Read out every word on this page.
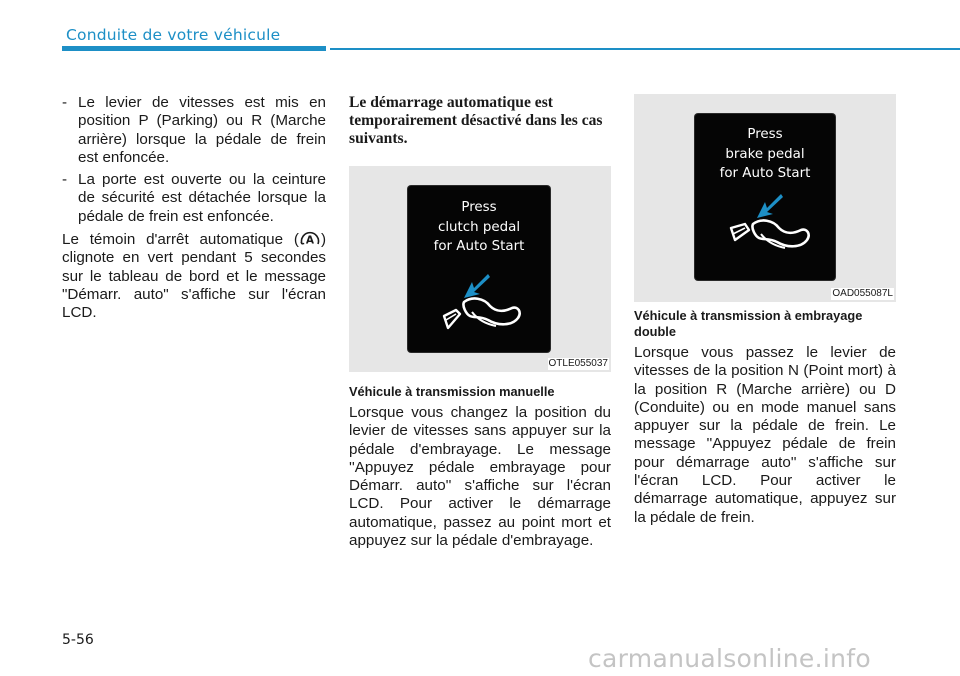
Conduite de votre véhicule
- Le levier de vitesses est mis en position P (Parking) ou R (Marche arrière) lorsque la pédale de frein est enfoncée.
- La porte est ouverte ou la ceinture de sécurité est détachée lorsque la pédale de frein est enfoncée.

Le témoin d'arrêt automatique ( A ) clignote en vert pendant 5 secondes sur le tableau de bord et le message "Démarr. auto" s'affiche sur l'écran LCD.

Le démarrage automatique est temporairement désactivé dans les cas suivants.
Press
clutch pedal
for Auto Start
OTLE055037
Véhicule à transmission manuelle

Lorsque vous changez la position du levier de vitesses sans appuyer sur la pédale d'embrayage. Le message ''Appuyez pédale embrayage pour Démarr. auto'' s'affiche sur l'écran LCD. Pour activer le démarrage automatique, passez au point mort et appuyez sur la pédale d'embrayage.

Press
brake pedal
for Auto Start
OAD055087L
Véhicule à transmission à embrayage double

Lorsque vous passez le levier de vitesses de la position N (Point mort) à la position R (Marche arrière) ou D (Conduite) ou en mode manuel sans appuyer sur la pédale de frein. Le message ''Appuyez pédale de frein pour démarrage auto'' s'affiche sur l'écran LCD. Pour activer le démarrage automatique, appuyez sur la pédale de frein.

5-56
carmanualsonline.info
